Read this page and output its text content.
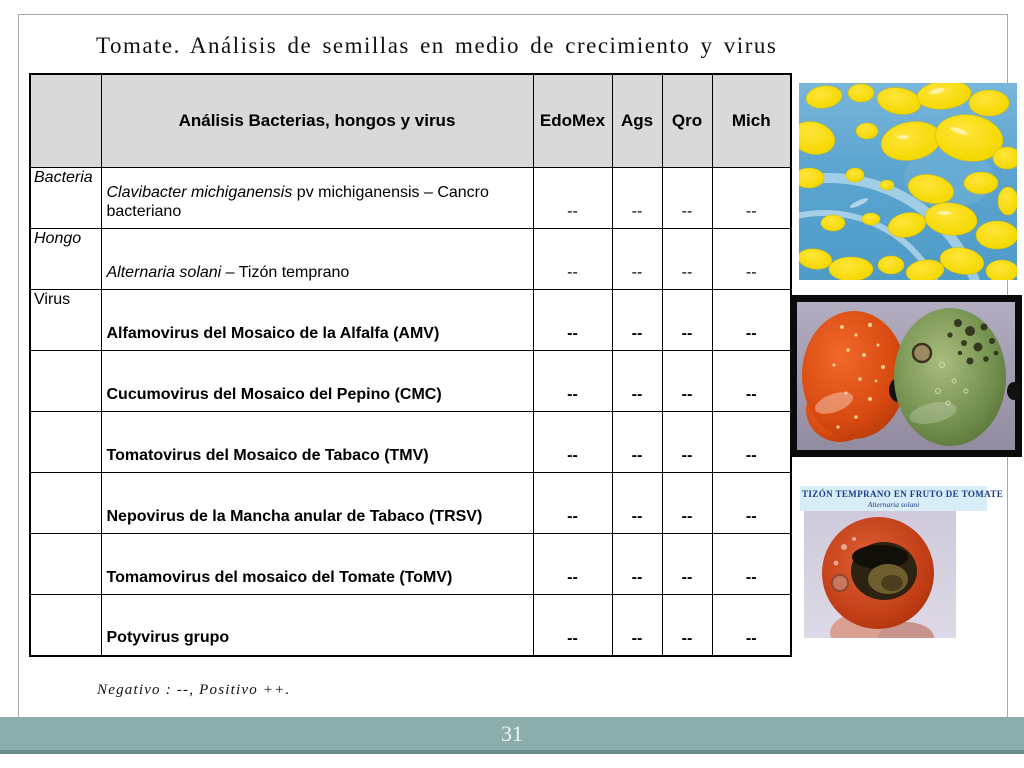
Tomate. Análisis de semillas en medio de crecimiento y virus
	Análisis Bacterias, hongos y virus	EdoMex	Ags	Qro	Mich
Bacteria	Clavibacter michiganensis pv michiganensis – Cancro bacteriano	--	--	--	--
Hongo	Alternaria solani – Tizón temprano	--	--	--	--
Virus	Alfamovirus del Mosaico de la Alfalfa (AMV)	--	--	--	--
	Cucumovirus del Mosaico del Pepino (CMC)	--	--	--	--
	Tomatovirus del Mosaico de Tabaco (TMV)	--	--	--	--
	Nepovirus de la Mancha anular de Tabaco (TRSV)	--	--	--	--
	Tomamovirus del mosaico del Tomate (ToMV)	--	--	--	--
	Potyvirus grupo	--	--	--	--
Negativo : --, Positivo ++.
TIZÓN TEMPRANO EN FRUTO DE TOMATE
Alternaria solani
31
